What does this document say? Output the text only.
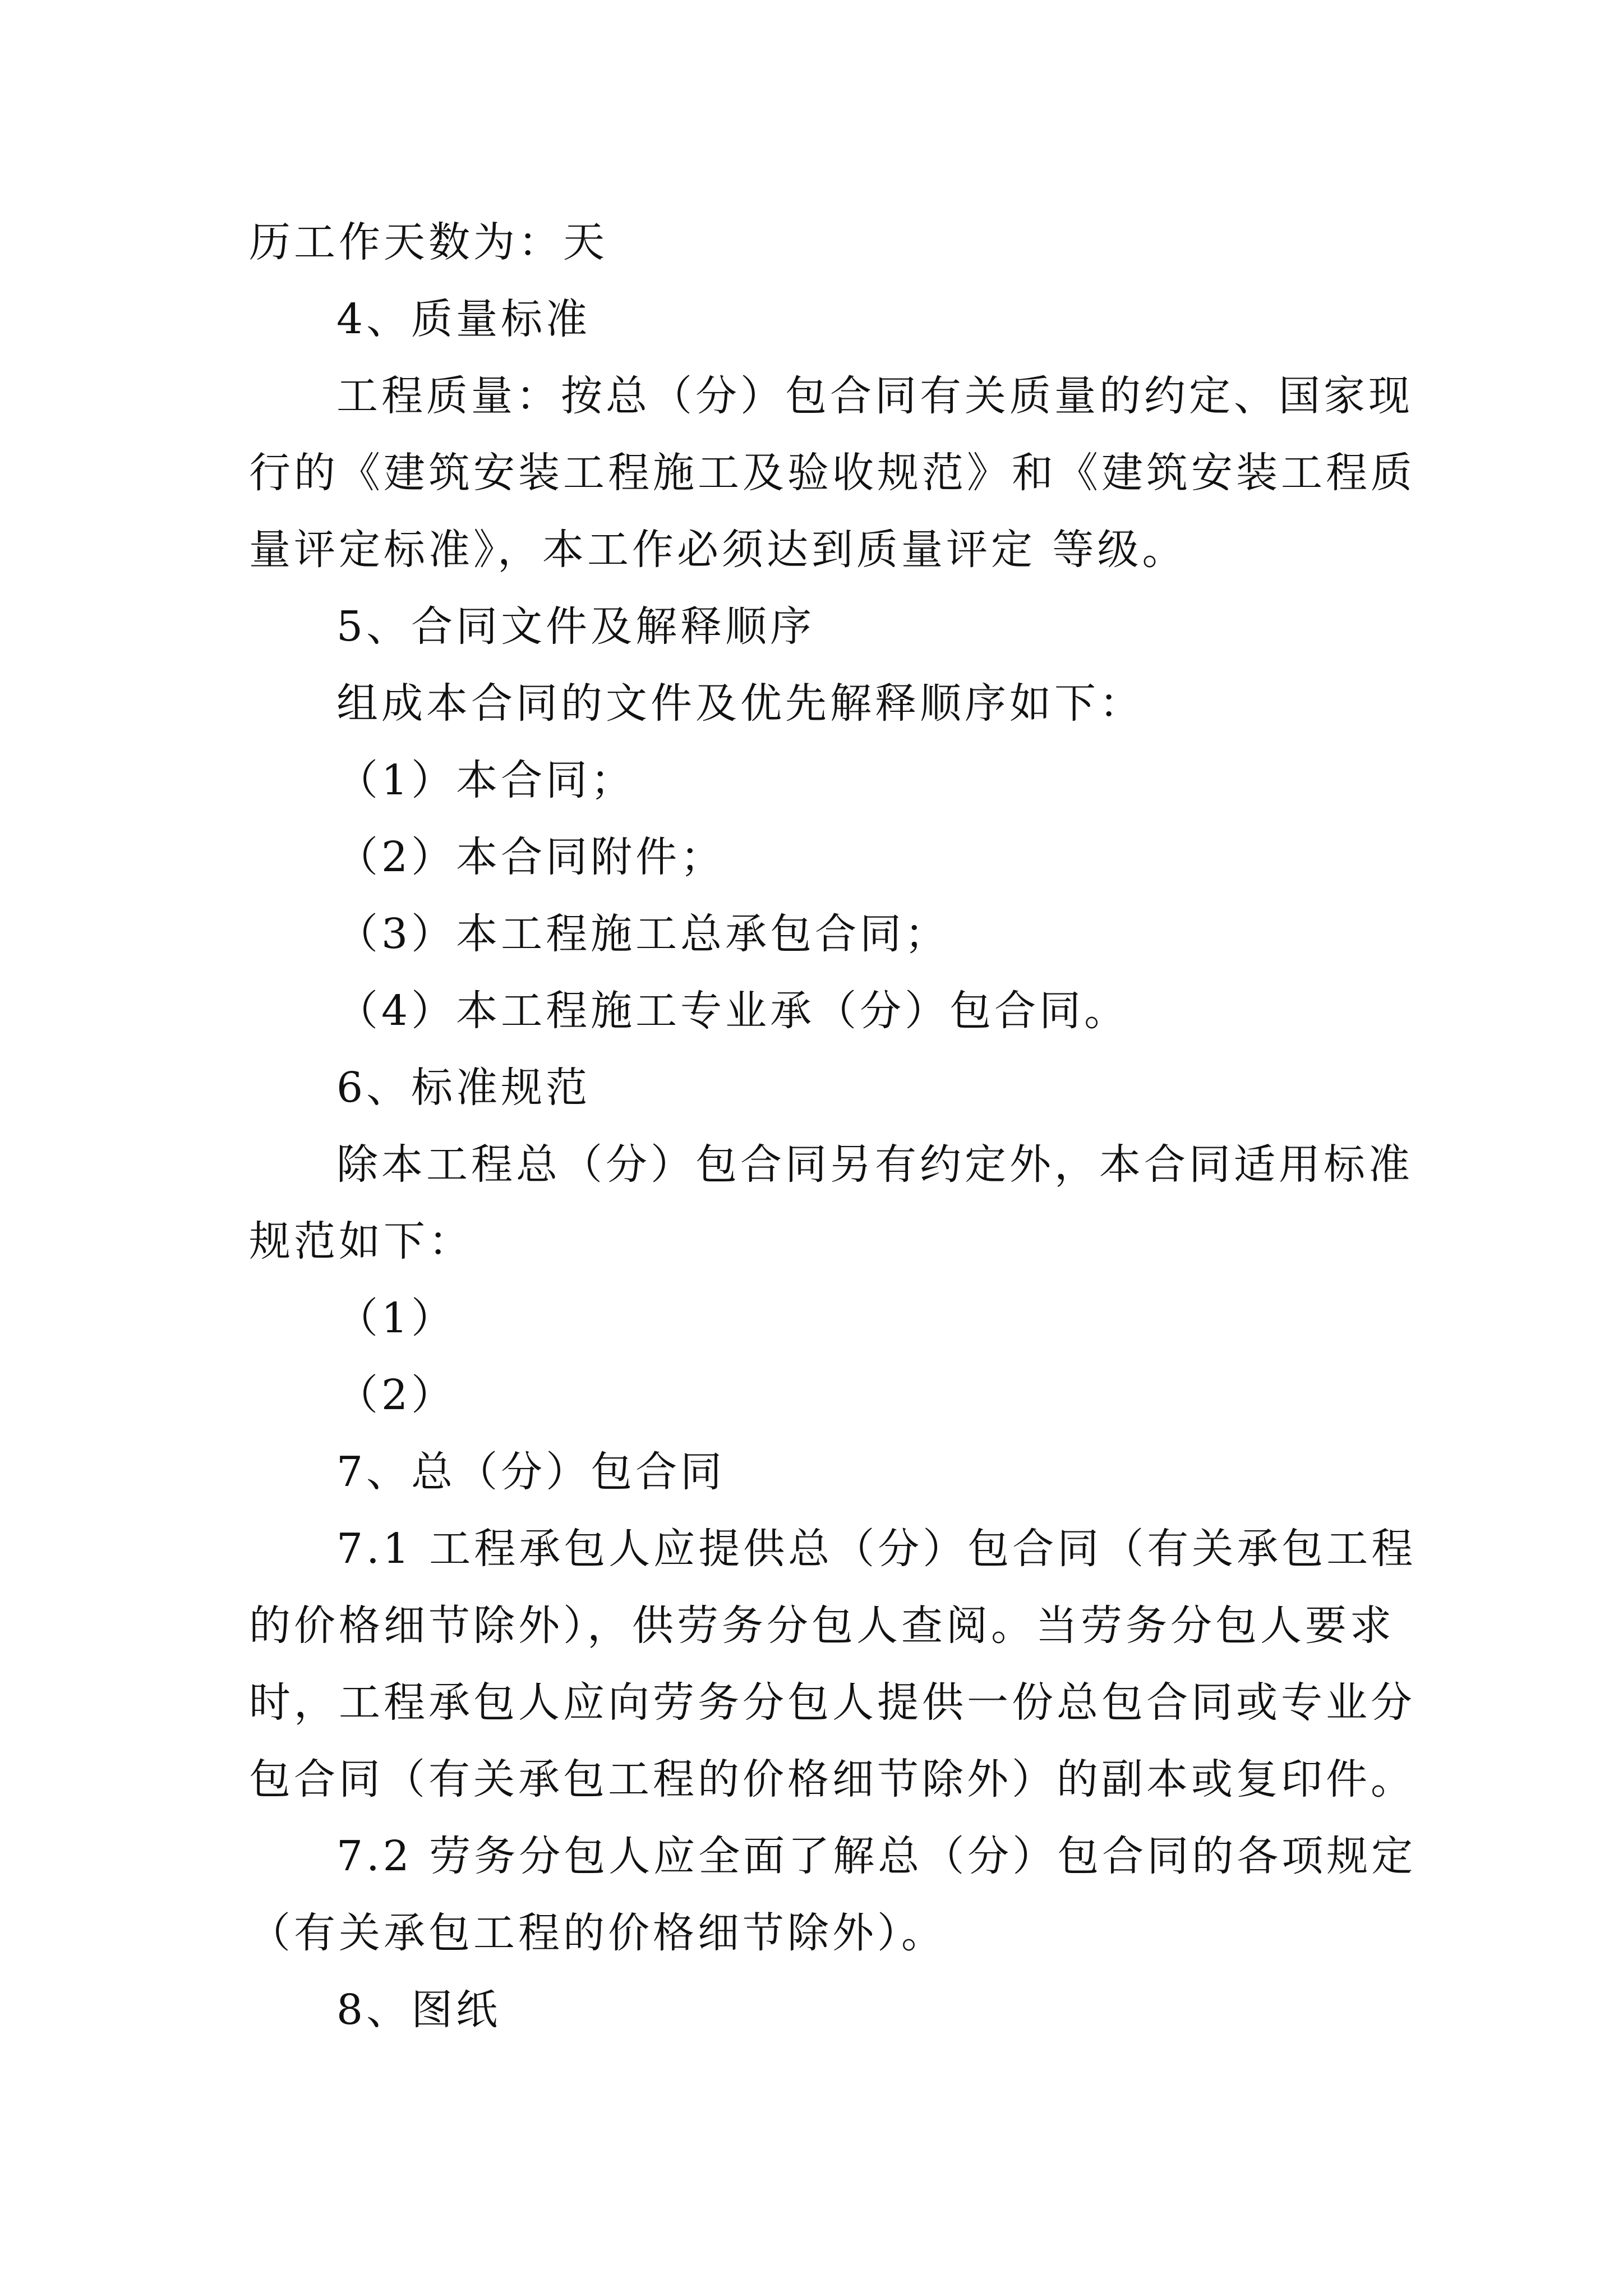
历工作天数为：天
4、质量标准
工程质量：按总（分）包合同有关质量的约定、国家现
行的《建筑安装工程施工及验收规范》和《建筑安装工程质
量评定标准》，本工作必须达到质量评定 等级。
5、合同文件及解释顺序
组成本合同的文件及优先解释顺序如下：
（1）本合同；
（2）本合同附件；
（3）本工程施工总承包合同；
（4）本工程施工专业承（分）包合同。
6、标准规范
除本工程总（分）包合同另有约定外，本合同适用标准
规范如下：
（1）
（2）
7、总（分）包合同
7.1 工程承包人应提供总（分）包合同（有关承包工程
的价格细节除外），供劳务分包人查阅。当劳务分包人要求
时，工程承包人应向劳务分包人提供一份总包合同或专业分
包合同（有关承包工程的价格细节除外）的副本或复印件。
7.2 劳务分包人应全面了解总（分）包合同的各项规定
（有关承包工程的价格细节除外）。
8、图纸
